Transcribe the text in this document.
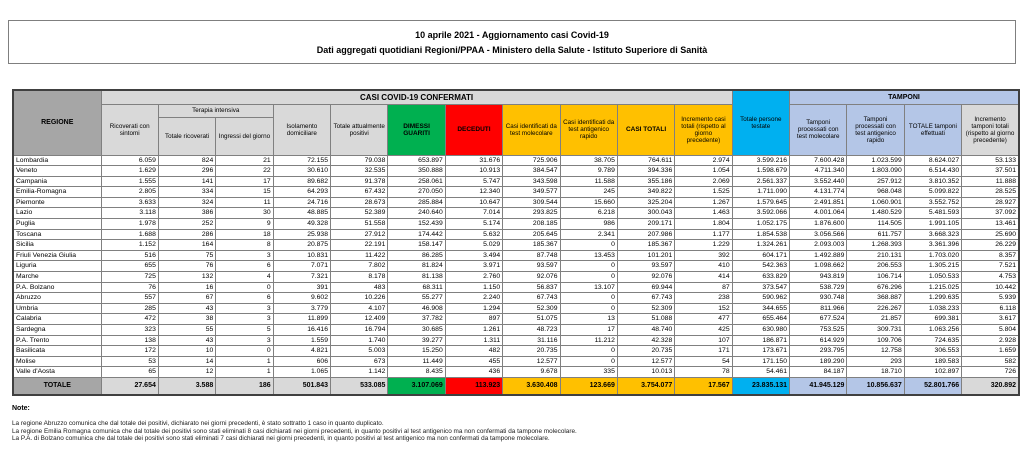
10 aprile 2021 - Aggiornamento casi Covid-19
Dati aggregati quotidiani Regioni/PPAA - Ministero della Salute - Istituto Superiore di Sanità
REGIONE	CASI COVID-19 CONFERMATI											Totale persone testate	TAMPONI			
	Ricoverati con sintomi	Terapia intensiva		Isolamento domiciliare	Totale attualmente positivi	DIMESSI GUARITI	DECEDUTI	Casi identificati da test molecolare	Casi identificati da test antigenico rapido	CASI TOTALI	Incremento casi totali (rispetto al giorno precedente)		Tamponi processati con test molecolare	Tamponi processati con test antigenico rapido	TOTALE tamponi effettuati	Incremento tamponi totali (rispetto al giorno precedente)
		Totale ricoverati	Ingressi del giorno													
Lombardia	6.059	824	21	72.155	79.038	653.897	31.676	725.906	38.705	764.611	2.974	3.599.216	7.600.428	1.023.599	8.624.027	53.133
Veneto	1.629	296	22	30.610	32.535	350.888	10.913	384.547	9.789	394.336	1.054	1.598.679	4.711.340	1.803.090	6.514.430	37.501
Campania	1.555	141	17	89.682	91.378	258.061	5.747	343.598	11.588	355.186	2.069	2.561.337	3.552.440	257.912	3.810.352	11.888
Emilia-Romagna	2.805	334	15	64.293	67.432	270.050	12.340	349.577	245	349.822	1.525	1.711.090	4.131.774	968.048	5.099.822	28.525
Piemonte	3.633	324	11	24.716	28.673	285.884	10.647	309.544	15.660	325.204	1.267	1.579.645	2.491.851	1.060.901	3.552.752	28.927
Lazio	3.118	386	30	48.885	52.389	240.640	7.014	293.825	6.218	300.043	1.463	3.592.066	4.001.064	1.480.529	5.481.593	37.092
Puglia	1.978	252	9	49.328	51.558	152.439	5.174	208.185	986	209.171	1.804	1.052.175	1.876.600	114.505	1.991.105	13.461
Toscana	1.688	286	18	25.938	27.912	174.442	5.632	205.645	2.341	207.986	1.177	1.854.538	3.056.566	611.757	3.668.323	25.690
Sicilia	1.152	164	8	20.875	22.191	158.147	5.029	185.367	0	185.367	1.229	1.324.261	2.093.003	1.268.393	3.361.396	26.229
Friuli Venezia Giulia	516	75	3	10.831	11.422	86.285	3.494	87.748	13.453	101.201	392	604.171	1.492.889	210.131	1.703.020	8.357
Liguria	655	76	6	7.071	7.802	81.824	3.971	93.597	0	93.597	410	542.363	1.098.662	206.553	1.305.215	7.521
Marche	725	132	4	7.321	8.178	81.138	2.760	92.076	0	92.076	414	633.829	943.819	106.714	1.050.533	4.753
P.A. Bolzano	76	16	0	391	483	68.311	1.150	56.837	13.107	69.944	87	373.547	538.729	676.296	1.215.025	10.442
Abruzzo	557	67	6	9.602	10.226	55.277	2.240	67.743	0	67.743	238	590.962	930.748	368.887	1.299.635	5.939
Umbria	285	43	3	3.779	4.107	46.908	1.294	52.309	0	52.309	152	344.655	811.966	226.267	1.038.233	6.118
Calabria	472	38	3	11.899	12.409	37.782	897	51.075	13	51.088	477	655.464	677.524	21.857	699.381	3.617
Sardegna	323	55	5	16.416	16.794	30.685	1.261	48.723	17	48.740	425	630.980	753.525	309.731	1.063.256	5.804
P.A. Trento	138	43	3	1.559	1.740	39.277	1.311	31.116	11.212	42.328	107	186.871	614.929	109.706	724.635	2.928
Basilicata	172	10	0	4.821	5.003	15.250	482	20.735	0	20.735	171	173.671	293.795	12.758	306.553	1.659
Molise	53	14	1	606	673	11.449	455	12.577	0	12.577	54	171.150	189.290	293	189.583	582
Valle d'Aosta	65	12	1	1.065	1.142	8.435	436	9.678	335	10.013	78	54.461	84.187	18.710	102.897	726
TOTALE	27.654	3.588	186	501.843	533.085	3.107.069	113.923	3.630.408	123.669	3.754.077	17.567	23.835.131	41.945.129	10.856.637	52.801.766	320.892
Note:
La regione Abruzzo comunica che dal totale dei positivi, dichiarato nei giorni precedenti, è stato sottratto 1 caso in quanto duplicato.
La regione Emilia Romagna comunica che dal totale dei positivi sono stati eliminati 8 casi dichiarati nei giorni precedenti, in quanto positivi al test antigenico ma non confermati da tampone molecolare.
La P.A. di Bolzano comunica che dal totale dei positivi sono stati eliminati 7 casi dichiarati nei giorni precedenti, in quanto positivi al test antigenico ma non confermati da tampone molecolare.
